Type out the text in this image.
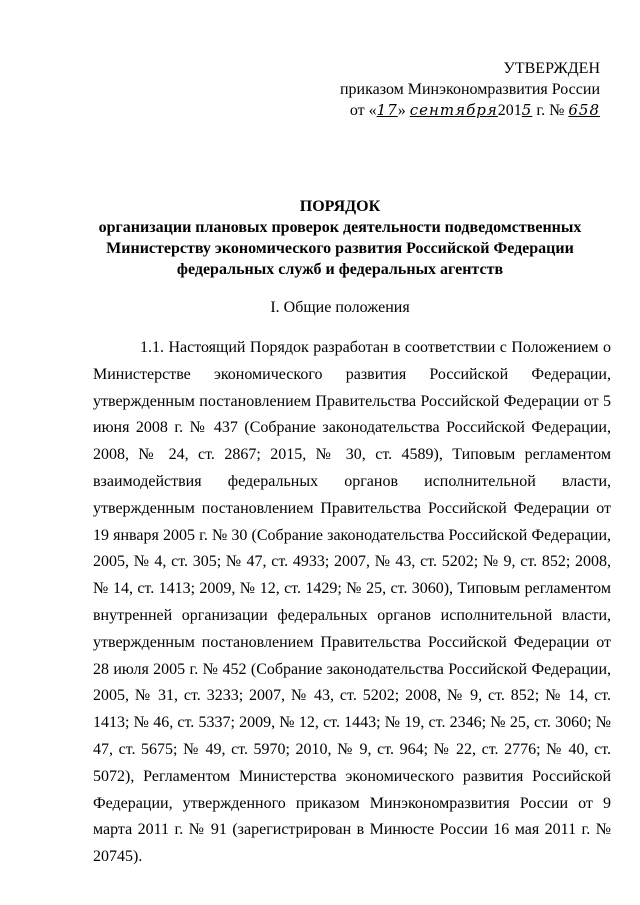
УТВЕРЖДЕН
приказом Минэкономразвития России
от «17» сентября2015 г. № 658
ПОРЯДОК
организации плановых проверок деятельности подведомственных
Министерству экономического развития Российской Федерации
федеральных служб и федеральных агентств
I. Общие положения

1.1. Настоящий Порядок разработан в соответствии с Положением о Министерстве экономического развития Российской Федерации, утвержденным постановлением Правительства Российской Федерации от 5 июня 2008 г. № 437 (Собрание законодательства Российской Федерации, 2008, № 24, ст. 2867; 2015, № 30, ст. 4589), Типовым регламентом взаимодействия федеральных органов исполнительной власти, утвержденным постановлением Правительства Российской Федерации от 19 января 2005 г. № 30 (Собрание законодательства Российской Федерации, 2005, № 4, ст. 305; № 47, ст. 4933; 2007, № 43, ст. 5202; № 9, ст. 852; 2008, № 14, ст. 1413; 2009, № 12, ст. 1429; № 25, ст. 3060), Типовым регламентом внутренней организации федеральных органов исполнительной власти, утвержденным постановлением Правительства Российской Федерации от 28 июля 2005 г. № 452 (Собрание законодательства Российской Федерации, 2005, № 31, ст. 3233; 2007, № 43, ст. 5202; 2008, № 9, ст. 852; № 14, ст. 1413; № 46, ст. 5337; 2009, № 12, ст. 1443; № 19, ст. 2346; № 25, ст. 3060; № 47, ст. 5675; № 49, ст. 5970; 2010, № 9, ст. 964; № 22, ст. 2776; № 40, ст. 5072), Регламентом Министерства экономического развития Российской Федерации, утвержденного приказом Минэкономразвития России от 9 марта 2011 г. № 91 (зарегистрирован в Минюсте России 16 мая 2011 г. № 20745).
